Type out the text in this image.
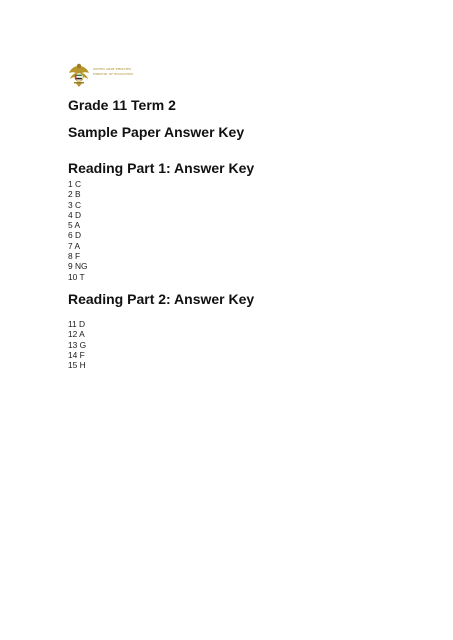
UNITED ARAB EMIRATES
MINISTRY OF EDUCATION
Grade 11 Term 2
Sample Paper Answer Key
Reading Part 1: Answer Key
1 C
2 B
3 C
4 D
5 A
6 D
7 A
8 F
9 NG
10 T
Reading Part 2: Answer Key
11 D
12 A
13 G
14 F
15 H
